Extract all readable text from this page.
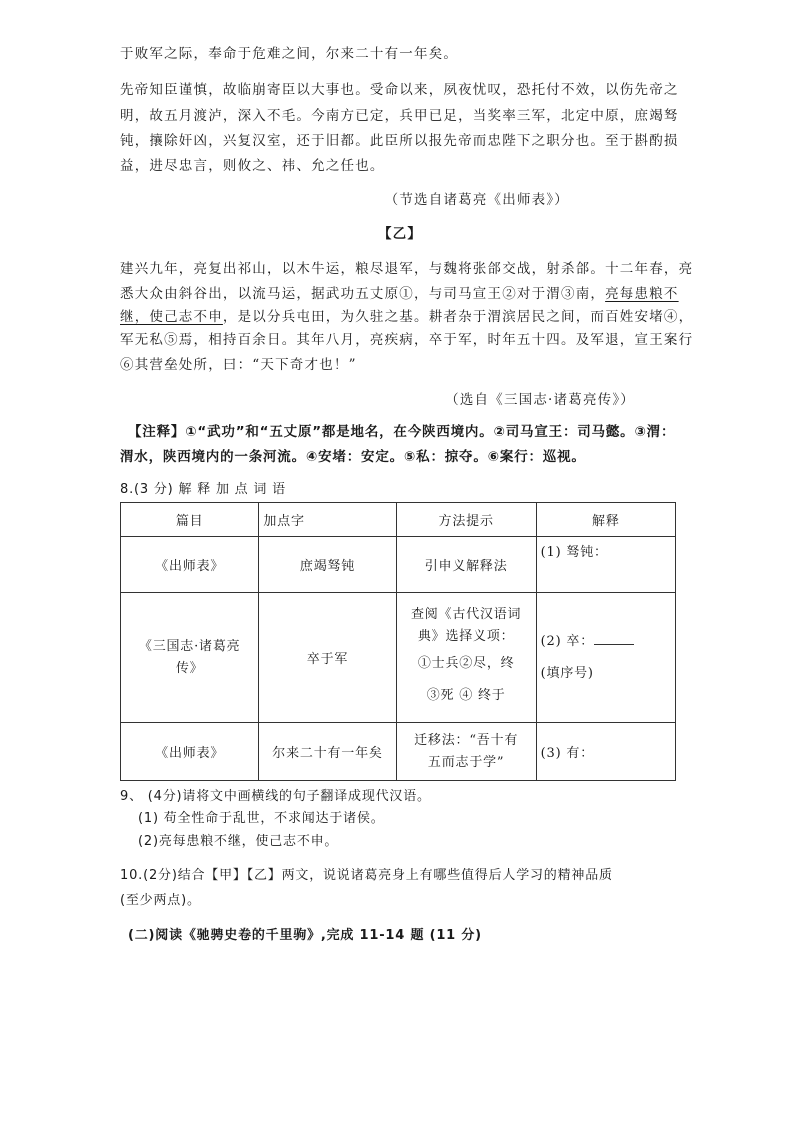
于败军之际，奉命于危难之间，尔来二十有一年矣。
先帝知臣谨慎，故临崩寄臣以大事也。受命以来，夙夜忧叹，恐托付不效，以伤先帝之
明，故五月渡泸，深入不毛。今南方已定，兵甲已足，当奖率三军，北定中原，庶竭驽
钝，攘除奸凶，兴复汉室，还于旧都。此臣所以报先帝而忠陛下之职分也。至于斟酌损
益，进尽忠言，则攸之、祎、允之任也。
（节选自诸葛亮《出师表》）
【乙】
建兴九年，亮复出祁山，以木牛运，粮尽退军，与魏将张郃交战，射杀郃。十二年春，亮
悉大众由斜谷出，以流马运，据武功五丈原①，与司马宣王②对于渭③南，亮每患粮不
继，使己志不申，是以分兵屯田，为久驻之基。耕者杂于渭滨居民之间，而百姓安堵④，
军无私⑤焉，相持百余日。其年八月，亮疾病，卒于军，时年五十四。及军退，宣王案行
⑥其营垒处所，曰：“天下奇才也！”
（选自《三国志·诸葛亮传》）
【注释】①“武功”和“五丈原”都是地名，在今陕西境内。②司马宣王：司马懿。③渭：
渭水，陕西境内的一条河流。④安堵：安定。⑤私：掠夺。⑥案行：巡视。
8.(3 分) 解 释 加 点 词 语
篇目	加点字	方法提示	解释
《出师表》	庶竭驽钝	引申义解释法	(1) 驽钝：

《三国志·诸葛亮
传》	卒于军	查阅《古代汉语词
典》选择义项：
①士兵②尽，终
③死 ④ 终于	(2) 卒：
(填序号)

《出师表》	尔来二十有一年矣	迁移法：“吾十有
五而志于学”	(3) 有：
9、 (4分)请将文中画横线的句子翻译成现代汉语。
(1) 苟全性命于乱世，不求闻达于诸侯。
(2)亮每患粮不继，使己志不申。
10.(2分)结合【甲】【乙】两文，说说诸葛亮身上有哪些值得后人学习的精神品质
(至少两点)。
(二)阅读《驰骋史卷的千里驹》,完成 11-14 题 (11 分)
